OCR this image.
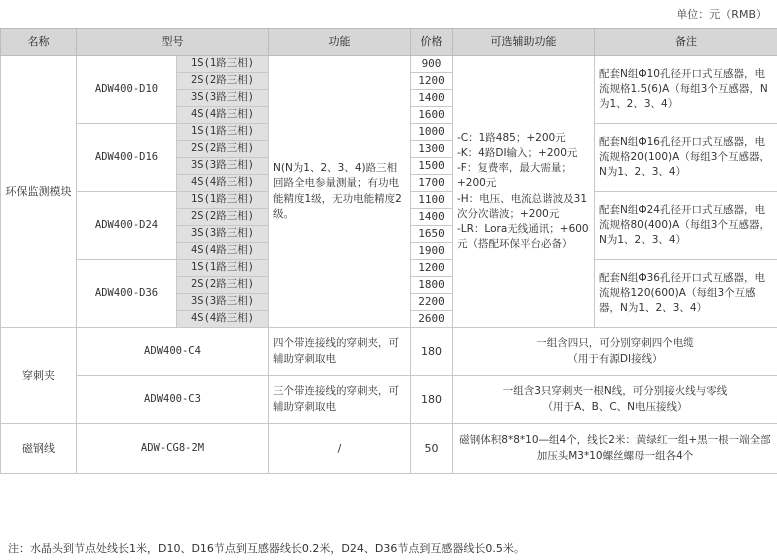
单位：元（RMB）
名称	型号		功能	价格	可选辅助功能	备注
环保监测模块	ADW400-D10	1S(1路三相)	N(N为1、2、3、4)路三相回路全电参量测量；有功电能精度1级，无功电能精度2级。	900	-C：1路485；+200元
-K：4路DI输入；+200元
-F：复费率，最大需量；+200元
-H：电压、电流总谐波及31次分次谐波；+200元
-LR：Lora无线通讯；+600元（搭配环保平台必备）	配套N组Φ10孔径开口式互感器，电流规格1.5(6)A（每组3个互感器，N为1、2、3、4）
		2S(2路三相)		1200		
		3S(3路三相)		1400		
		4S(4路三相)		1600		
	ADW400-D16	1S(1路三相)		1000		配套N组Φ16孔径开口式互感器，电流规格20(100)A（每组3个互感器，N为1、2、3、4）
		2S(2路三相)		1300		
		3S(3路三相)		1500		
		4S(4路三相)		1700		
	ADW400-D24	1S(1路三相)		1100		配套N组Φ24孔径开口式互感器，电流规格80(400)A（每组3个互感器，N为1、2、3、4）
		2S(2路三相)		1400		
		3S(3路三相)		1650		
		4S(4路三相)		1900		
	ADW400-D36	1S(1路三相)		1200		配套N组Φ36孔径开口式互感器，电流规格120(600)A（每组3个互感器，N为1、2、3、4）
		2S(2路三相)		1800		
		3S(3路三相)		2200		
		4S(4路三相)		2600		
穿刺夹	ADW400-C4		四个带连接线的穿刺夹，可辅助穿刺取电	180	一组含四只，可分别穿刺四个电缆
（用于有源DI接线）	
	ADW400-C3		三个带连接线的穿刺夹，可辅助穿刺取电	180	一组含3只穿刺夹一根N线，可分别接火线与零线
（用于A、B、C、N电压接线）	
磁钢线	ADW-CG8-2M		/	50	磁钢体积8*8*10—组4个，线长2米：黄绿红一组+黑一根一端全部加压头M3*10螺丝螺母一组各4个	
注：水晶头到节点处线长1米，D10、D16节点到互感器线长0.2米，D24、D36节点到互感器线长0.5米。
